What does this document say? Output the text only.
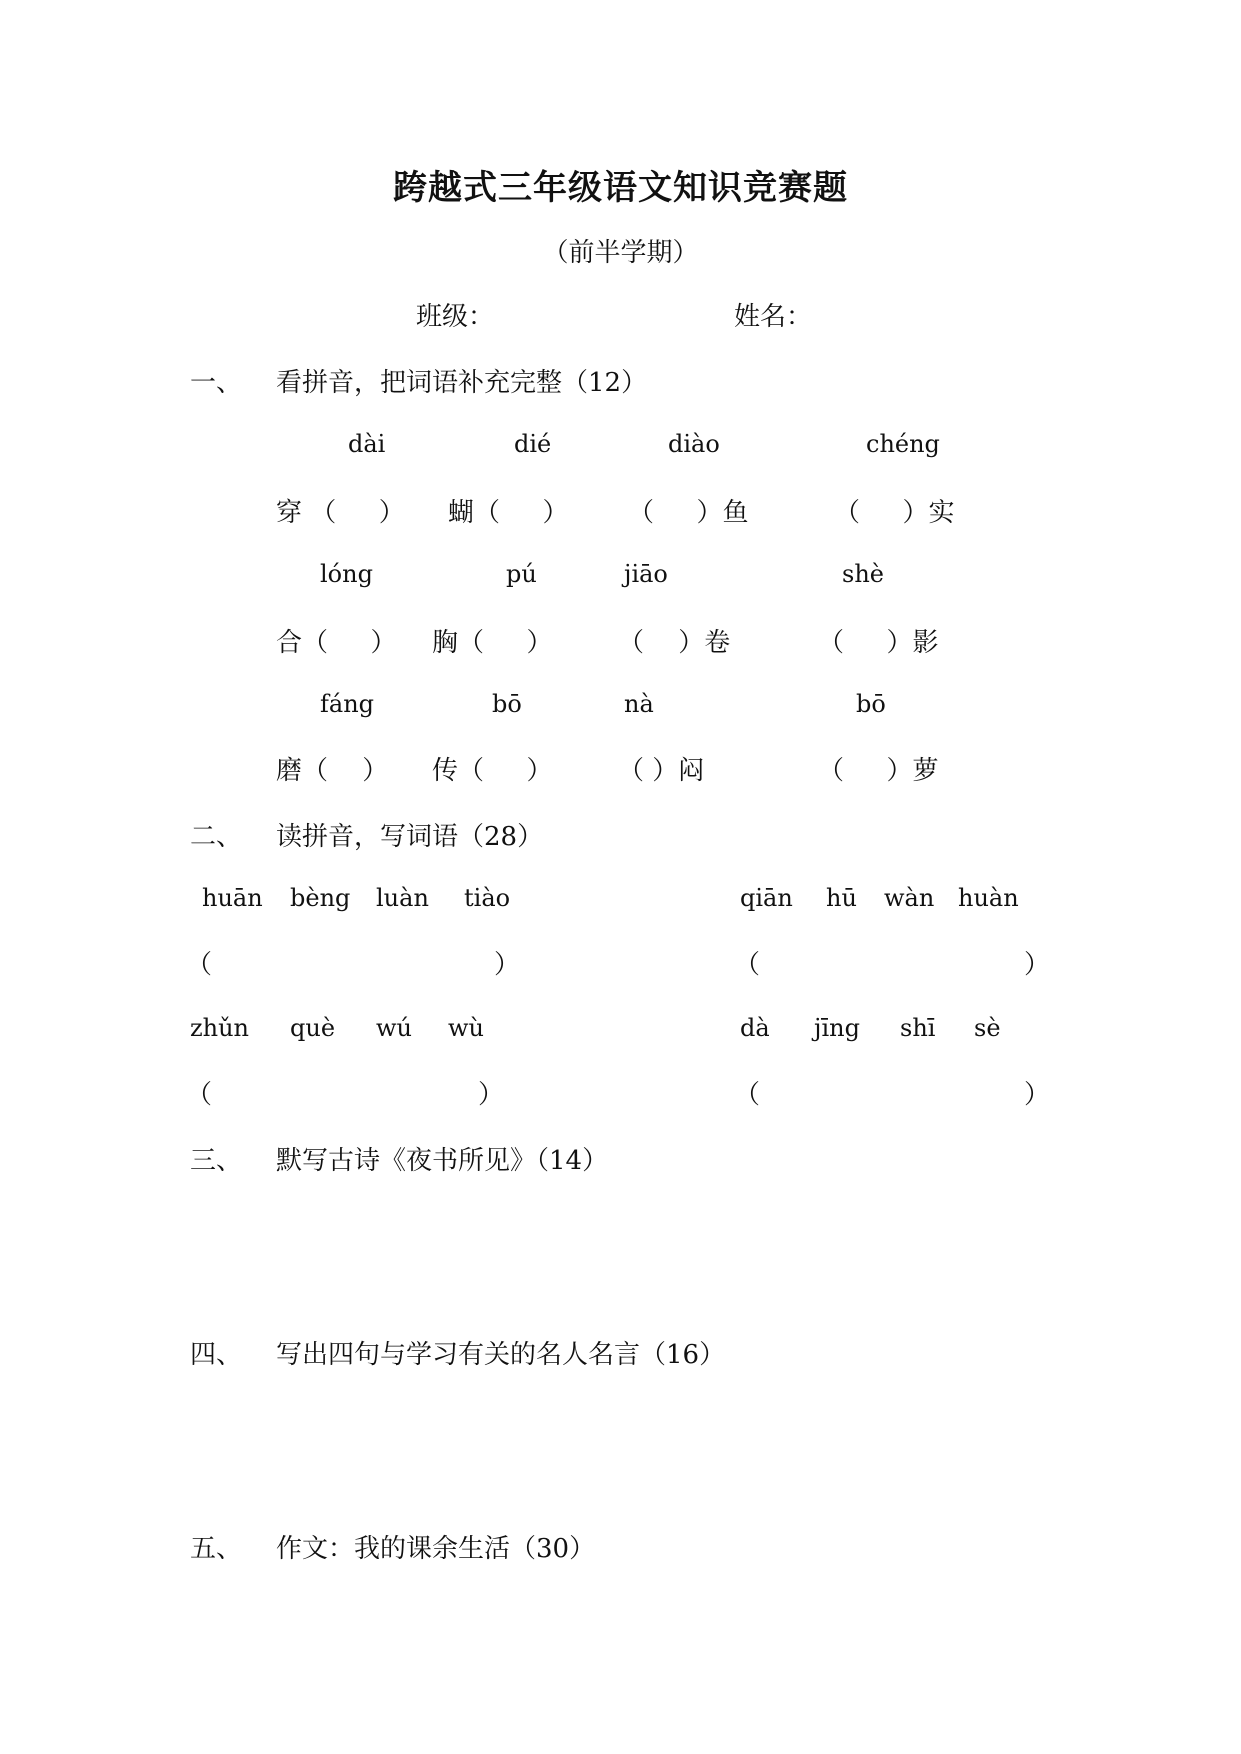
跨越式三年级语文知识竞赛题
（前半学期）
班级：	姓名：
一、 看拼音，把词语补充完整（12）
dài	dié	diào	chéng
穿 （ 　 ） 蝴（ 　 ） （ 　 ）鱼	（ 　 ）实
lóng	pú	jiāo	shè
合（ 　 ） 胸（ 　 ）	（ 　）卷	（ 　 ）影
fáng	bō	nà	bō
磨（ 　） 传（ 　 ）	（ ）闷	（ 　 ）萝
二、 读拼音，写词语（28）
huān bèng luàn tiào	qiān hū wàn huàn
（	）	（	）
zhǔn què wú wù	dà jīng shī sè
（	）	（	）
三、 默写古诗《夜书所见》（14）
四、 写出四句与学习有关的名人名言（16）
五、 作文：我的课余生活（30）
